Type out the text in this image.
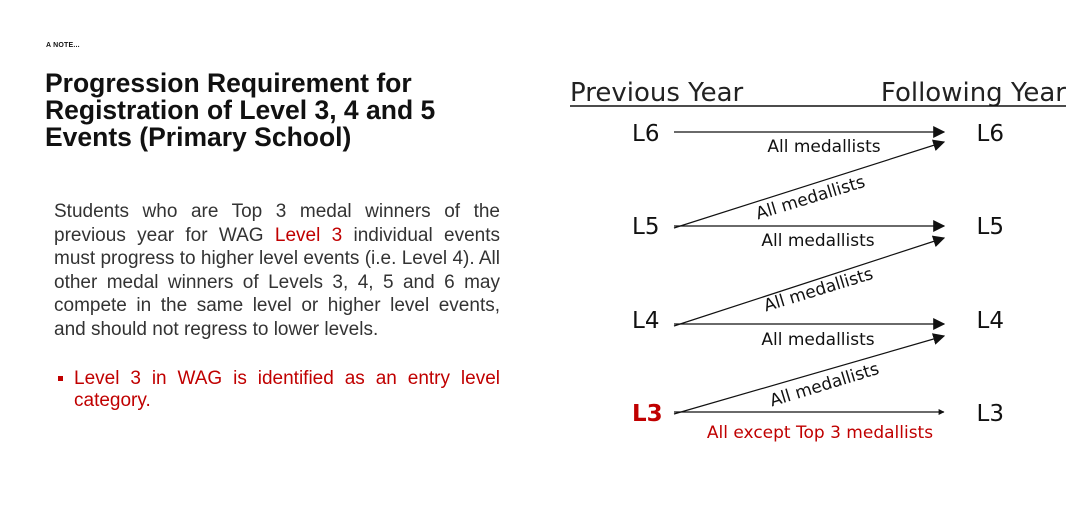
A NOTE...
Progression Requirement for
Registration of Level 3, 4 and 5
Events (Primary School)

Students who are Top 3 medal winners of the previous year for WAG Level 3 individual events must progress to higher level events (i.e. Level 4). All other medal winners of Levels 3, 4, 5 and 6 may compete in the same level or higher level events, and should not regress to lower levels.

Level 3 in WAG is identified as an entry level category.

Previous Year	Following Year
L6
L5
L4
L3
L6
L5
L4
L3
All medallists
All medallists
All medallists
All except Top 3 medallists
All medallists
All medallists
All medallists
